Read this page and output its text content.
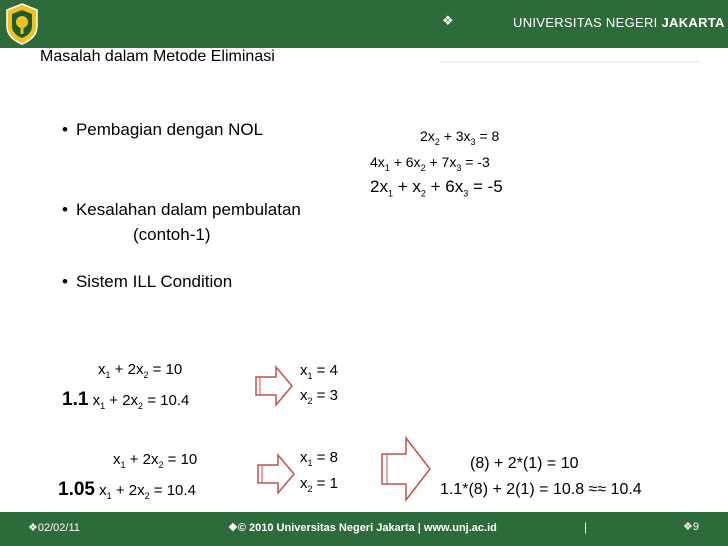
❖	UNIVERSITAS NEGERI JAKARTA
Masalah dalam Metode Eliminasi
• Pembagian dengan NOL
• Kesalahan dalam pembulatan
(contoh-1)
• Sistem ILL Condition
$2x_2 + 3x_3 = 8$
$4x_1 + 6x_2 + 7x_3 = -3$
$2x_1 + x_2 + 6x_3 = -5$
$x_1 + 2x_2 = 10$
1.1 $x_1 + 2x_2 = 10.4$
$x_1 = 4$
$x_2 = 3$
$x_1 + 2x_2 = 10$
1.05 $x_1 + 2x_2 = 10.4$
$x_1 = 8$
$x_2 = 1$
(8) + 2*(1) = 10
1.1*(8) + 2(1) = 10.8 ≈≈ 10.4
❖02/02/11	❖© 2010 Universitas Negeri Jakarta | www.unj.ac.id	|	❖9
